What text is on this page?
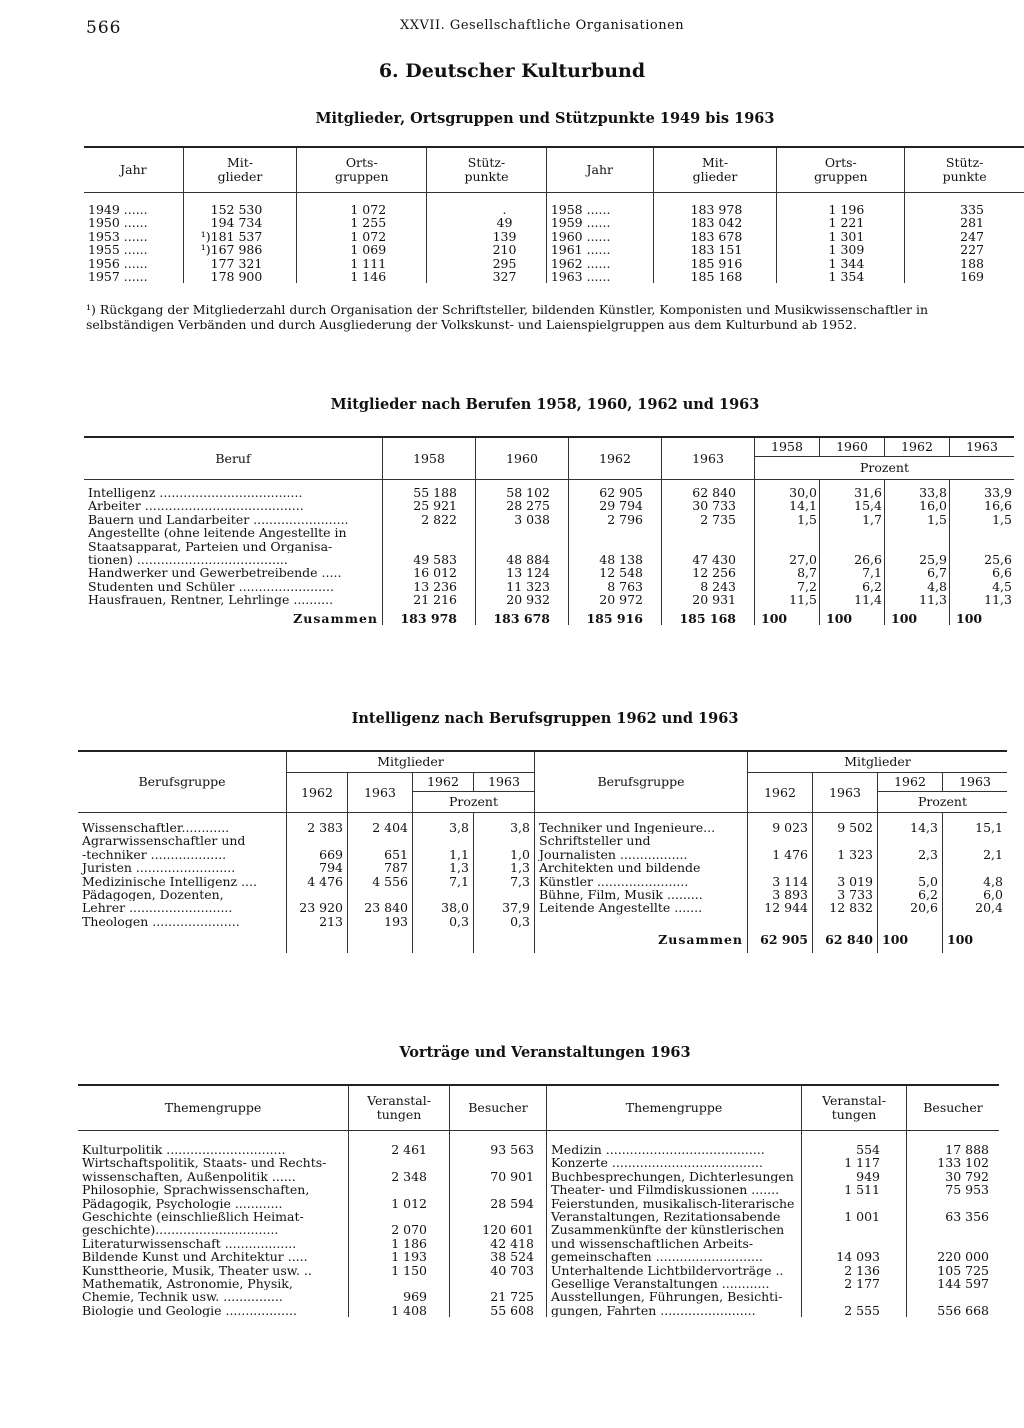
566	XXVII. Gesellschaftliche Organisationen
6. Deutscher Kulturbund
Mitglieder, Ortsgruppen und Stützpunkte 1949 bis 1963
Jahr	Mit-
glieder	Orts-
gruppen	Stütz-
punkte	Jahr	Mit-
glieder	Orts-
gruppen	Stütz-
punkte

1949 ......	152 530	1 072	.	1958 ......	183 978	1 196	335
1950 ......	194 734	1 255	49	1959 ......	183 042	1 221	281
1953 ......	¹)181 537	1 072	139	1960 ......	183 678	1 301	247
1955 ......	¹)167 986	1 069	210	1961 ......	183 151	1 309	227
1956 ......	177 321	1 111	295	1962 ......	185 916	1 344	188
1957 ......	178 900	1 146	327	1963 ......	185 168	1 354	169
¹) Rückgang der Mitgliederzahl durch Organisation der Schriftsteller, bildenden Künstler, Komponisten und Musikwissenschaftler in selbständigen Verbänden und durch Ausgliederung der Volkskunst- und Laienspielgruppen aus dem Kulturbund ab 1952.
Mitglieder nach Berufen 1958, 1960, 1962 und 1963
Beruf	1958	1960	1962	1963	1958	1960	1962	1963
					Prozent			

Intelligenz ....................................	55 188	58 102	62 905	62 840	30,0	31,6	33,8	33,9
Arbeiter ........................................	25 921	28 275	29 794	30 733	14,1	15,4	16,0	16,6
Bauern und Landarbeiter ........................	2 822	3 038	2 796	2 735	1,5	1,7	1,5	1,5
Angestellte (ohne leitende Angestellte in								
Staatsapparat, Parteien und Organisa-								
tionen) ......................................	49 583	48 884	48 138	47 430	27,0	26,6	25,9	25,6
Handwerker und Gewerbetreibende .....	16 012	13 124	12 548	12 256	8,7	7,1	6,7	6,6
Studenten und Schüler ........................	13 236	11 323	8 763	8 243	7,2	6,2	4,8	4,5
Hausfrauen, Rentner, Lehrlinge ..........	21 216	20 932	20 972	20 931	11,5	11,4	11,3	11,3
Zusammen	183 978	183 678	185 916	185 168	100	100	100	100
Intelligenz nach Berufsgruppen 1962 und 1963
Berufsgruppe	Mitglieder				Berufsgruppe	Mitglieder			
	1962	1963	1962	1963		1962	1963	1962	1963
			Prozent					Prozent	

Wissenschaftler............	2 383	2 404	3,8	3,8	Techniker und Ingenieure...	9 023	9 502	14,3	15,1
Agrarwissenschaftler und					Schriftsteller und				
-techniker ...................	669	651	1,1	1,0	Journalisten .................	1 476	1 323	2,3	2,1
Juristen .........................	794	787	1,3	1,3	Architekten und bildende				
Medizinische Intelligenz ....	4 476	4 556	7,1	7,3	Künstler .......................	3 114	3 019	5,0	4,8
Pädagogen, Dozenten,					Bühne, Film, Musik .........	3 893	3 733	6,2	6,0
Lehrer ..........................	23 920	23 840	38,0	37,9	Leitende Angestellte .......	12 944	12 832	20,6	20,4
Theologen ......................	213	193	0,3	0,3					
					Zusammen	62 905	62 840	100	100
Vorträge und Veranstaltungen 1963
Themengruppe	Veranstal-
tungen	Besucher	Themengruppe	Veranstal-
tungen	Besucher

Kulturpolitik ..............................	2 461	93 563	Medizin ........................................	554	17 888
Wirtschaftspolitik, Staats- und Rechts-			Konzerte ......................................	1 117	133 102
wissenschaften, Außenpolitik ......	2 348	70 901	Buchbesprechungen, Dichterlesungen	949	30 792
Philosophie, Sprachwissenschaften,			Theater- und Filmdiskussionen .......	1 511	75 953
Pädagogik, Psychologie ............	1 012	28 594	Feierstunden, musikalisch-literarische		
Geschichte (einschließlich Heimat-			Veranstaltungen, Rezitationsabende	1 001	63 356
geschichte)...............................	2 070	120 601	Zusammenkünfte der künstlerischen		
Literaturwissenschaft ..................	1 186	42 418	und wissenschaftlichen Arbeits-		
Bildende Kunst und Architektur .....	1 193	38 524	gemeinschaften ...........................	14 093	220 000
Kunsttheorie, Musik, Theater usw. ..	1 150	40 703	Unterhaltende Lichtbildervorträge ..	2 136	105 725
Mathematik, Astronomie, Physik,			Gesellige Veranstaltungen ............	2 177	144 597
Chemie, Technik usw. ...............	969	21 725	Ausstellungen, Führungen, Besichti-		
Biologie und Geologie ..................	1 408	55 608	gungen, Fahrten ........................	2 555	556 668
